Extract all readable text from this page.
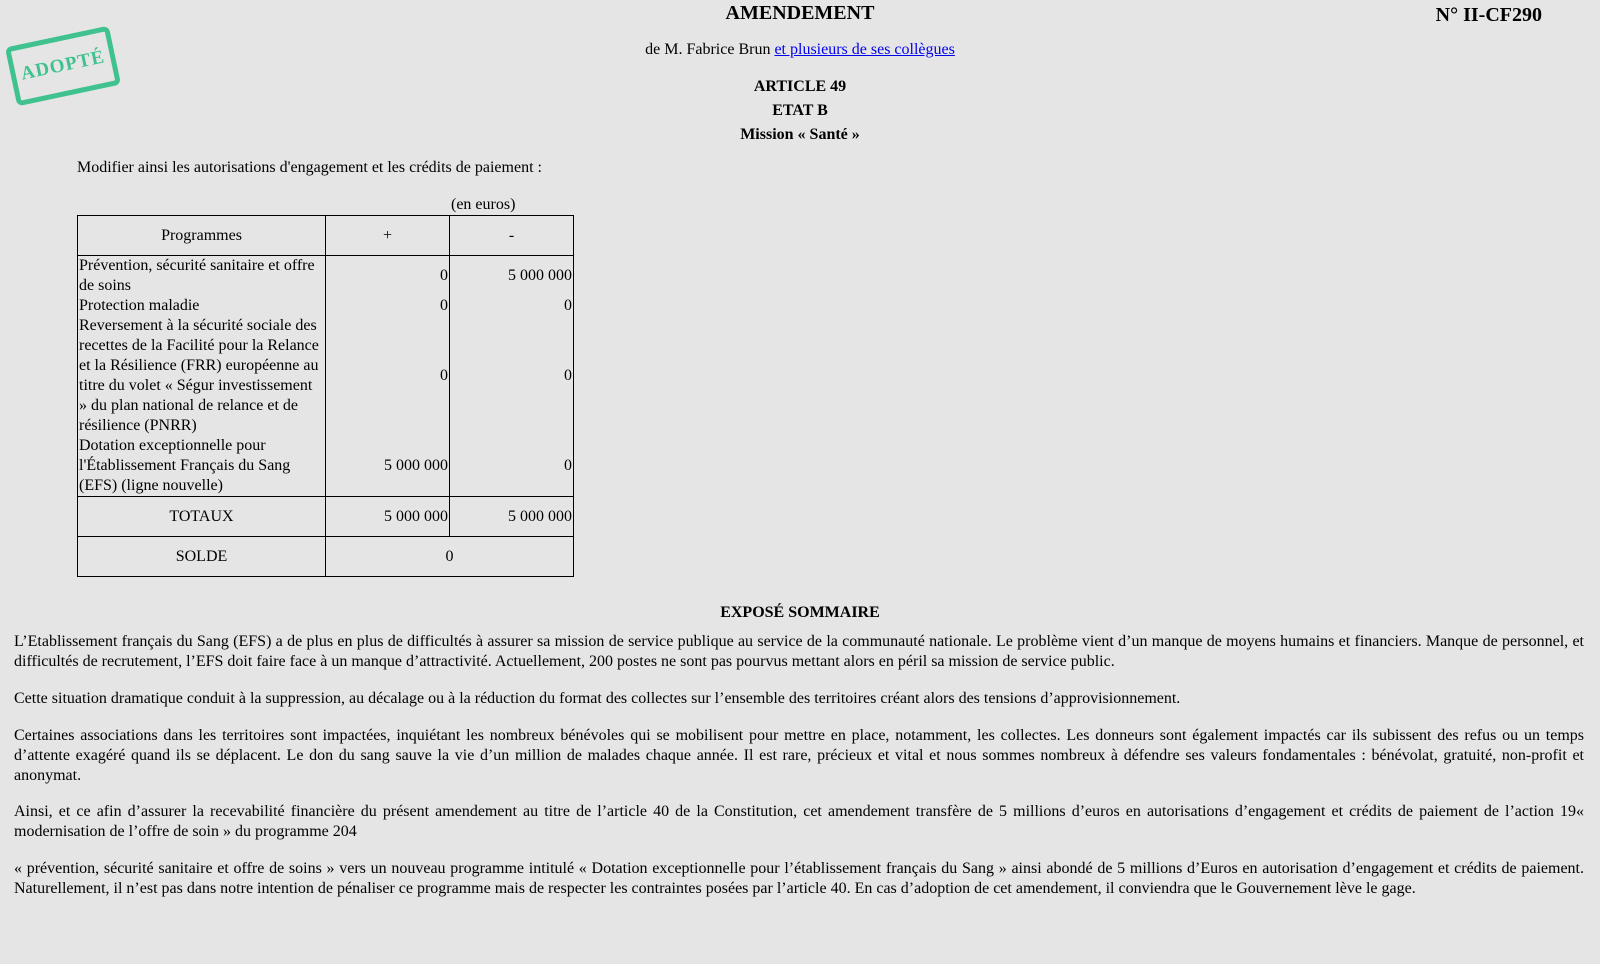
ADOPTÉ
AMENDEMENT	N° II-CF290
de M. Fabrice Brun et plusieurs de ses collègues
ARTICLE 49
ETAT B
Mission « Santé »
Modifier ainsi les autorisations d'engagement et les crédits de paiement :
(en euros)
Programmes	+	-
Prévention, sécurité sanitaire et offre de soins	0	5 000 000
Protection maladie	0	0
Reversement à la sécurité sociale des recettes de la Facilité pour la Relance et la Résilience (FRR) européenne au titre du volet « Ségur investissement » du plan national de relance et de résilience (PNRR)	0	0
Dotation exceptionnelle pour l'Établissement Français du Sang (EFS) (ligne nouvelle)	5 000 000	0
TOTAUX	5 000 000	5 000 000
SOLDE	0	
EXPOSÉ SOMMAIRE
L’Etablissement français du Sang (EFS) a de plus en plus de difficultés à assurer sa mission de service publique au service de la communauté nationale. Le problème vient d’un manque de moyens humains et financiers. Manque de personnel, et difficultés de recrutement, l’EFS doit faire face à un manque d’attractivité. Actuellement, 200 postes ne sont pas pourvus mettant alors en péril sa mission de service public.
Cette situation dramatique conduit à la suppression, au décalage ou à la réduction du format des collectes sur l’ensemble des territoires créant alors des tensions d’approvisionnement.
Certaines associations dans les territoires sont impactées, inquiétant les nombreux bénévoles qui se mobilisent pour mettre en place, notamment, les collectes. Les donneurs sont également impactés car ils subissent des refus ou un temps d’attente exagéré quand ils se déplacent. Le don du sang sauve la vie d’un million de malades chaque année. Il est rare, précieux et vital et nous sommes nombreux à défendre ses valeurs fondamentales : bénévolat, gratuité, non-profit et anonymat.
Ainsi, et ce afin d’assurer la recevabilité financière du présent amendement au titre de l’article 40 de la Constitution, cet amendement transfère de 5 millions d’euros en autorisations d’engagement et crédits de paiement de l’action 19« modernisation de l’offre de soin » du programme 204
« prévention, sécurité sanitaire et offre de soins » vers un nouveau programme intitulé « Dotation exceptionnelle pour l’établissement français du Sang » ainsi abondé de 5 millions d’Euros en autorisation d’engagement et crédits de paiement. Naturellement, il n’est pas dans notre intention de pénaliser ce programme mais de respecter les contraintes posées par l’article 40. En cas d’adoption de cet amendement, il conviendra que le Gouvernement lève le gage.
